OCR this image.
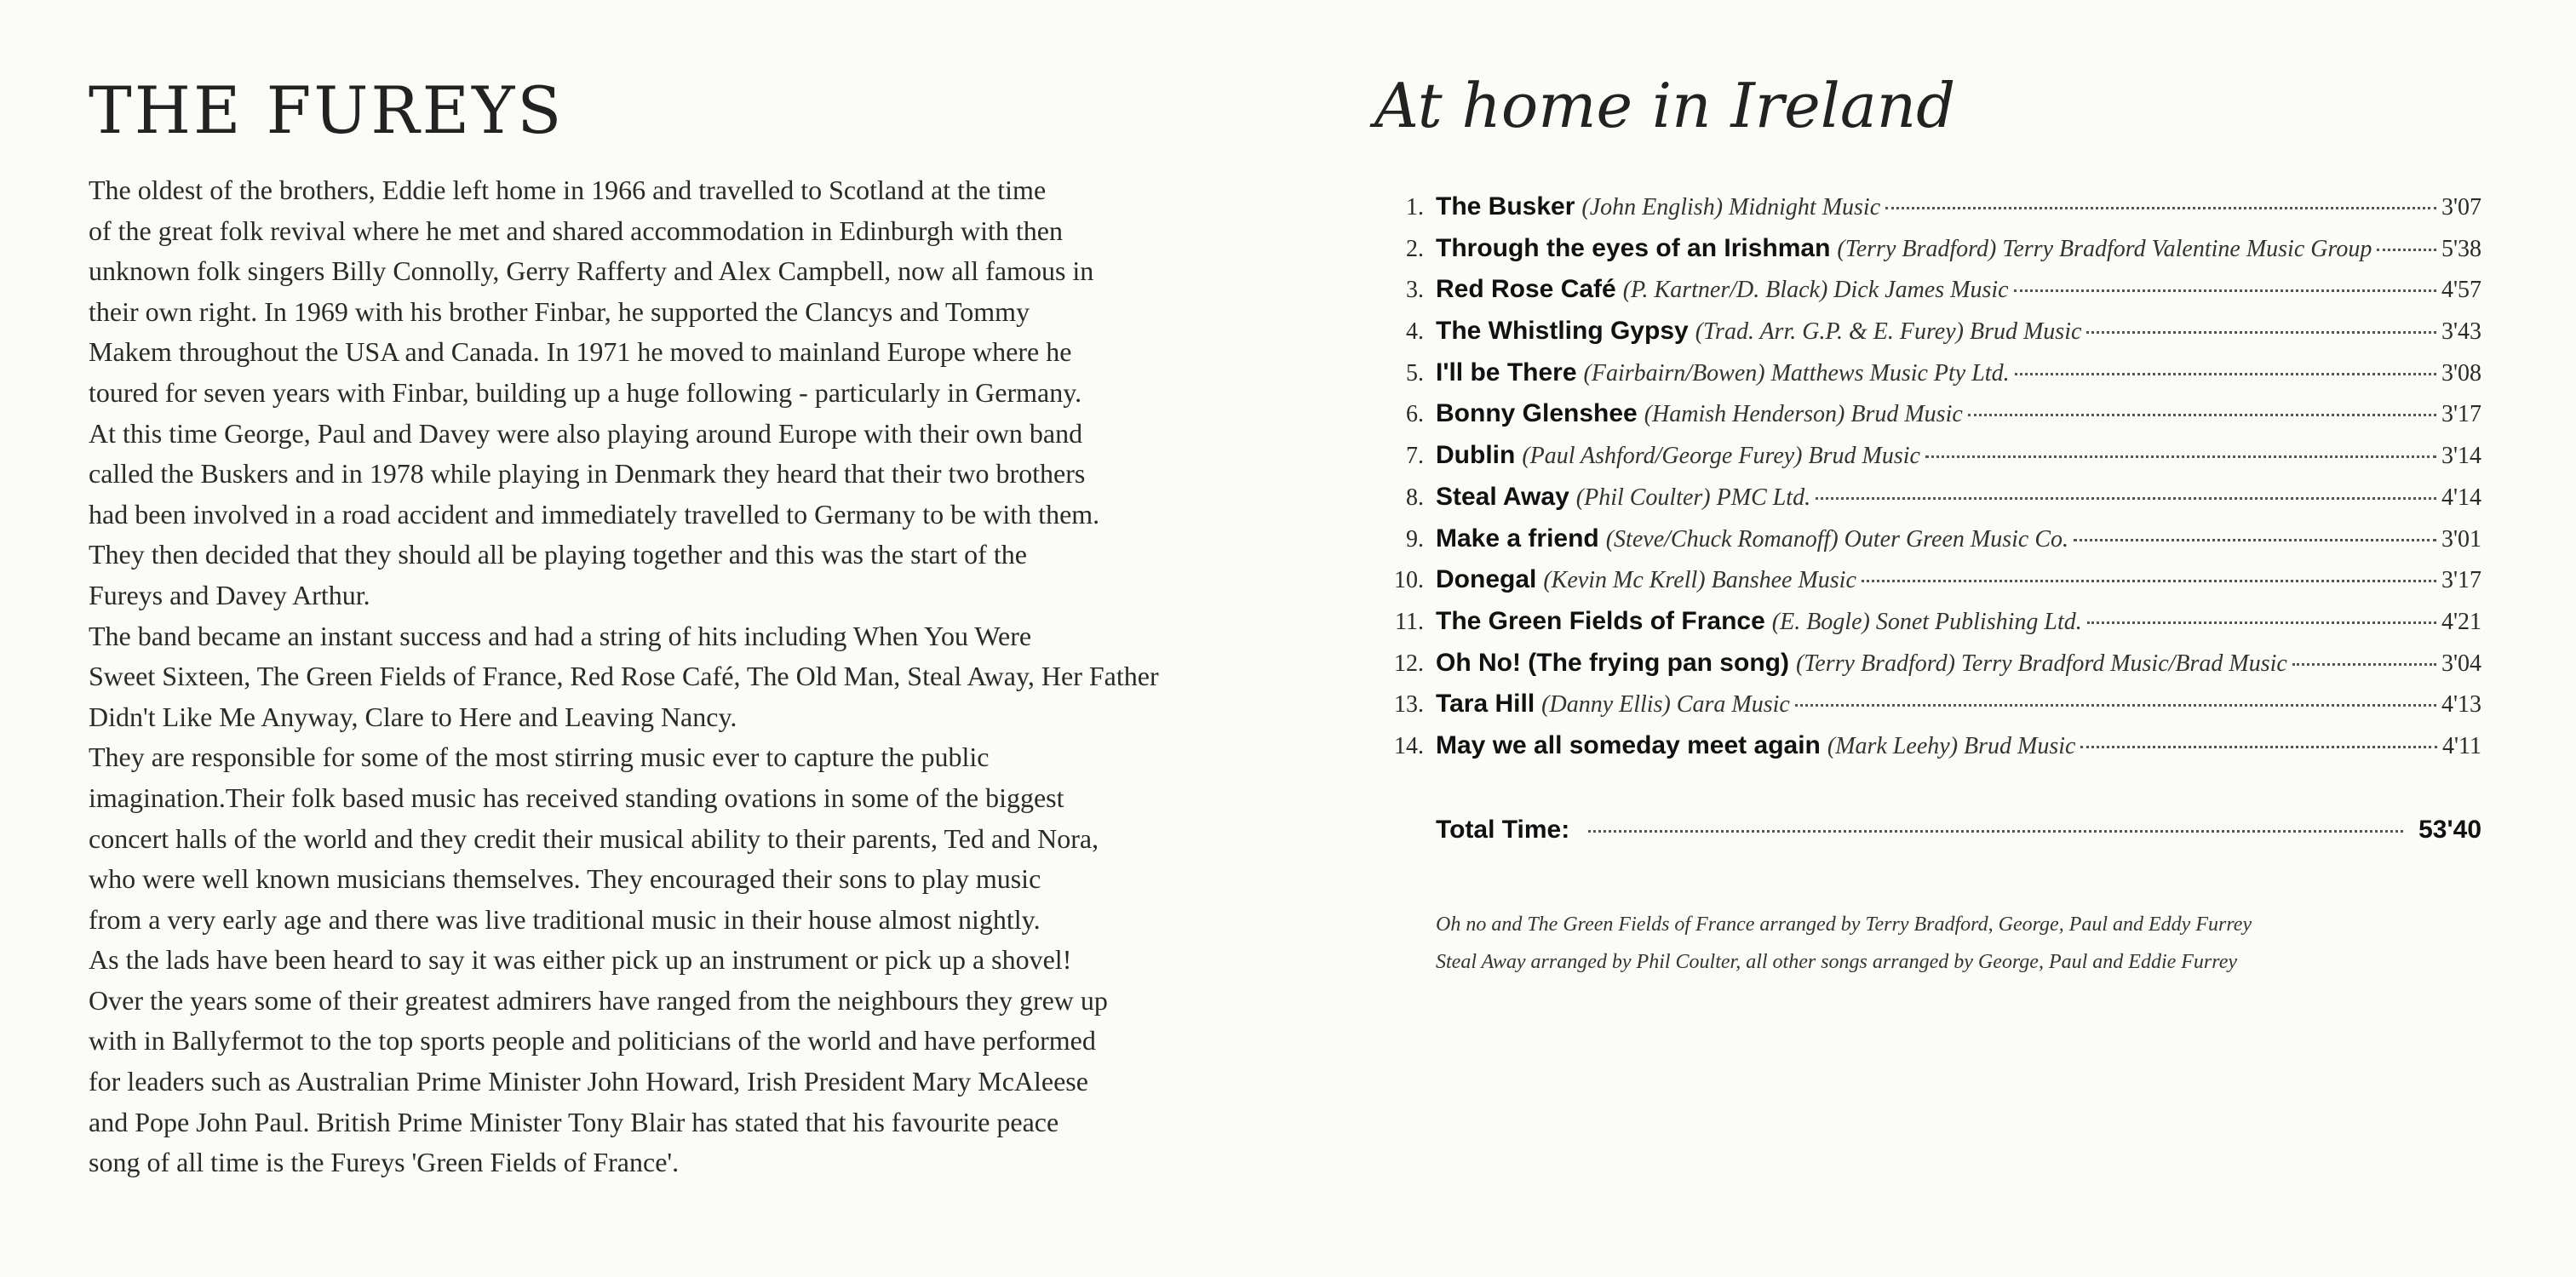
THE FUREYS
The oldest of the brothers, Eddie left home in 1966 and travelled to Scotland at the time
of the great folk revival where he met and shared accommodation in Edinburgh with then
unknown folk singers Billy Connolly, Gerry Rafferty and Alex Campbell, now all famous in
their own right. In 1969 with his brother Finbar, he supported the Clancys and Tommy
Makem throughout the USA and Canada. In 1971 he moved to mainland Europe where he
toured for seven years with Finbar, building up a huge following - particularly in Germany.
At this time George, Paul and Davey were also playing around Europe with their own band
called the Buskers and in 1978 while playing in Denmark they heard that their two brothers
had been involved in a road accident and immediately travelled to Germany to be with them.
They then decided that they should all be playing together and this was the start of the
Fureys and Davey Arthur.
The band became an instant success and had a string of hits including When You Were
Sweet Sixteen, The Green Fields of France, Red Rose Café, The Old Man, Steal Away, Her Father
Didn't Like Me Anyway, Clare to Here and Leaving Nancy.
They are responsible for some of the most stirring music ever to capture the public
imagination.Their folk based music has received standing ovations in some of the biggest
concert halls of the world and they credit their musical ability to their parents, Ted and Nora,
who were well known musicians themselves. They encouraged their sons to play music
from a very early age and there was live traditional music in their house almost nightly.
As the lads have been heard to say it was either pick up an instrument or pick up a shovel!
Over the years some of their greatest admirers have ranged from the neighbours they grew up
with in Ballyfermot to the top sports people and politicians of the world and have performed
for leaders such as Australian Prime Minister John Howard, Irish President Mary McAleese
and Pope John Paul. British Prime Minister Tony Blair has stated that his favourite peace
song of all time is the Fureys 'Green Fields of France'.
At home in Ireland
1. The Busker (John English) Midnight Music	3'07
2. Through the eyes of an Irishman (Terry Bradford) Terry Bradford Valentine Music Group	5'38
3. Red Rose Café (P. Kartner/D. Black) Dick James Music	4'57
4. The Whistling Gypsy (Trad. Arr. G.P. & E. Furey) Brud Music	3'43
5. I'll be There (Fairbairn/Bowen) Matthews Music Pty Ltd.	3'08
6. Bonny Glenshee (Hamish Henderson) Brud Music	3'17
7. Dublin (Paul Ashford/George Furey) Brud Music	3'14
8. Steal Away (Phil Coulter) PMC Ltd.	4'14
9. Make a friend (Steve/Chuck Romanoff) Outer Green Music Co.	3'01
10. Donegal (Kevin Mc Krell) Banshee Music	3'17
11. The Green Fields of France (E. Bogle) Sonet Publishing Ltd.	4'21
12. Oh No! (The frying pan song) (Terry Bradford) Terry Bradford Music/Brad Music	3'04
13. Tara Hill (Danny Ellis) Cara Music	4'13
14. May we all someday meet again (Mark Leehy) Brud Music	4'11
Total Time:	53'40
Oh no and The Green Fields of France arranged by Terry Bradford, George, Paul and Eddy Furrey
Steal Away arranged by Phil Coulter, all other songs arranged by George, Paul and Eddie Furrey
